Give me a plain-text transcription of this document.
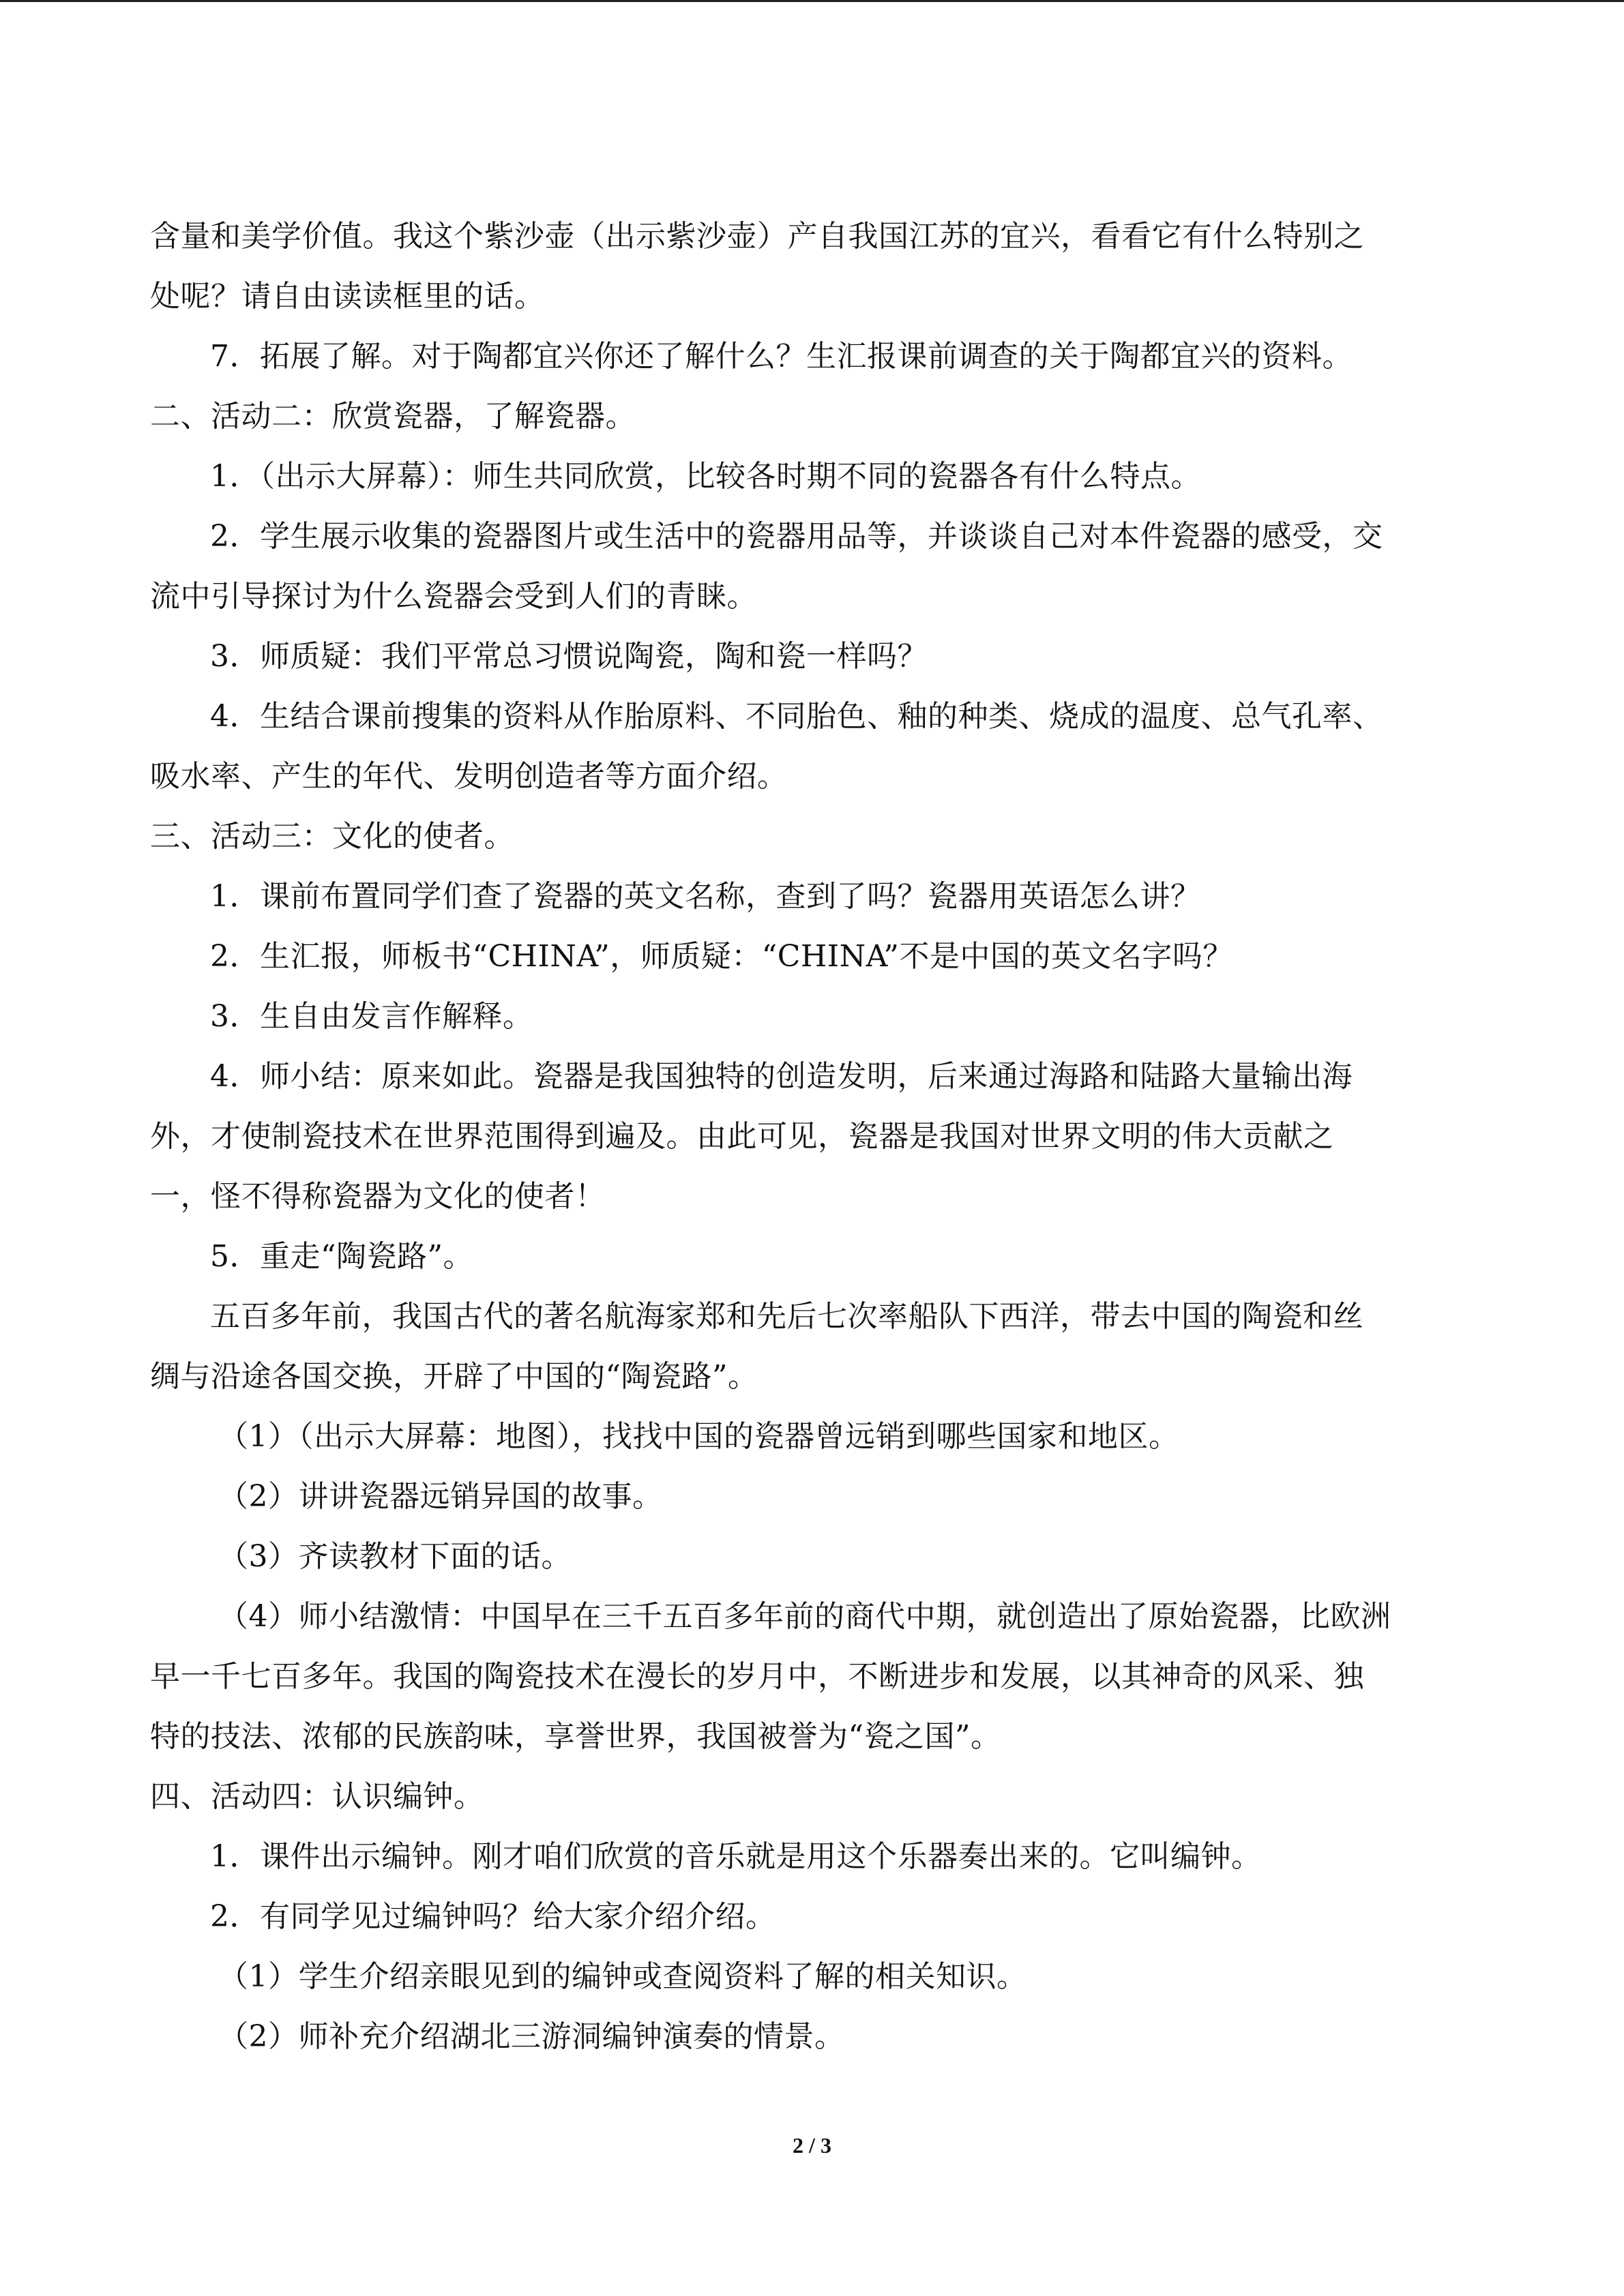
含量和美学价值。我这个紫沙壶（出示紫沙壶）产自我国江苏的宜兴，看看它有什么特别之
处呢？请自由读读框里的话。
7．拓展了解。对于陶都宜兴你还了解什么？生汇报课前调查的关于陶都宜兴的资料。
二、活动二：欣赏瓷器，了解瓷器。
1．（出示大屏幕）：师生共同欣赏，比较各时期不同的瓷器各有什么特点。
2．学生展示收集的瓷器图片或生活中的瓷器用品等，并谈谈自己对本件瓷器的感受，交
流中引导探讨为什么瓷器会受到人们的青睐。
3．师质疑：我们平常总习惯说陶瓷，陶和瓷一样吗？
4．生结合课前搜集的资料从作胎原料、不同胎色、釉的种类、烧成的温度、总气孔率、
吸水率、产生的年代、发明创造者等方面介绍。
三、活动三：文化的使者。
1．课前布置同学们查了瓷器的英文名称，查到了吗？瓷器用英语怎么讲？
2．生汇报，师板书“CHINA”，师质疑：“CHINA”不是中国的英文名字吗？
3．生自由发言作解释。
4．师小结：原来如此。瓷器是我国独特的创造发明，后来通过海路和陆路大量输出海
外，才使制瓷技术在世界范围得到遍及。由此可见，瓷器是我国对世界文明的伟大贡献之
一，怪不得称瓷器为文化的使者！
5．重走“陶瓷路”。
五百多年前，我国古代的著名航海家郑和先后七次率船队下西洋，带去中国的陶瓷和丝
绸与沿途各国交换，开辟了中国的“陶瓷路”。
（1）（出示大屏幕：地图），找找中国的瓷器曾远销到哪些国家和地区。
（2）讲讲瓷器远销异国的故事。
（3）齐读教材下面的话。
（4）师小结激情：中国早在三千五百多年前的商代中期，就创造出了原始瓷器，比欧洲
早一千七百多年。我国的陶瓷技术在漫长的岁月中，不断进步和发展，以其神奇的风采、独
特的技法、浓郁的民族韵味，享誉世界，我国被誉为“瓷之国”。
四、活动四：认识编钟。
1．课件出示编钟。刚才咱们欣赏的音乐就是用这个乐器奏出来的。它叫编钟。
2．有同学见过编钟吗？给大家介绍介绍。
（1）学生介绍亲眼见到的编钟或查阅资料了解的相关知识。
（2）师补充介绍湖北三游洞编钟演奏的情景。
2 / 3
